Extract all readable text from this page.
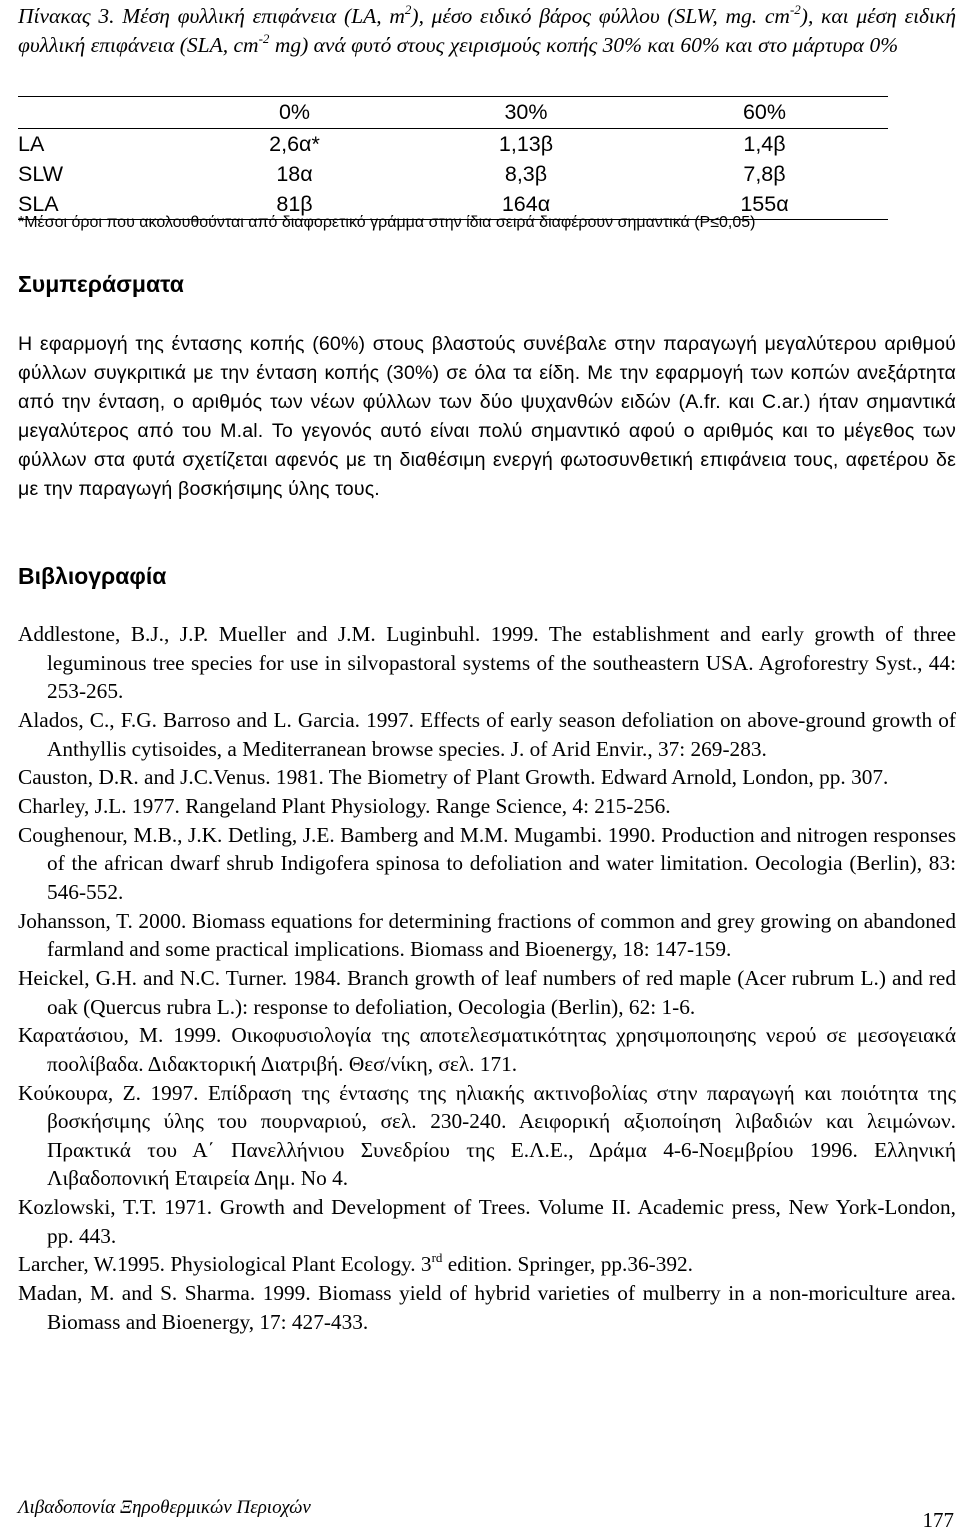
Πίνακας 3. Μέση φυλλική επιφάνεια (LA, $m^2$), μέσο ειδικό βάρος φύλλου (SLW, mg. $cm^{-2}$), και μέση ειδική φυλλική επιφάνεια (SLA, $cm^{-2}$ mg) ανά φυτό στους χειρισμούς κοπής 30% και 60% και στο μάρτυρα 0%
	0%	30%	60%
LA	2,6α*	1,13β	1,4β
SLW	18α	8,3β	7,8β
SLA	81β	164α	155α
*Μέσοι όροι που ακολουθούνται από διαφορετικό γράμμα στην ίδια σειρά διαφέρουν σημαντικά (P≤0,05)
Συμπεράσματα
Η εφαρμογή της έντασης κοπής (60%) στους βλαστούς συνέβαλε στην παραγωγή μεγαλύτερου αριθμού φύλλων συγκριτικά με την ένταση κοπής (30%) σε όλα τα είδη. Με την εφαρμογή των κοπών ανεξάρτητα από την ένταση, ο αριθμός των νέων φύλλων των δύο ψυχανθών ειδών (A.fr. και C.ar.) ήταν σημαντικά μεγαλύτερος από του M.al. Το γεγονός αυτό είναι πολύ σημαντικό αφού ο αριθμός και το μέγεθος των φύλλων στα φυτά σχετίζεται αφενός με τη διαθέσιμη ενεργή φωτοσυνθετική επιφάνεια τους, αφετέρου δε με την παραγωγή βοσκήσιμης ύλης τους.
Βιβλιογραφία
Addlestone, B.J., J.P. Mueller and J.M. Luginbuhl. 1999. The establishment and early growth of three leguminous tree species for use in silvopastoral systems of the southeastern USA. Agroforestry Syst., 44: 253-265.
Alados, C., F.G. Barroso and L. Garcia. 1997. Effects of early season defoliation on above-ground growth of Anthyllis cytisoides, a Mediterranean browse species. J. of Arid Envir., 37: 269-283.
Causton, D.R. and J.C.Venus. 1981. The Biometry of Plant Growth. Edward Arnold, London, pp. 307.
Charley, J.L. 1977. Rangeland Plant Physiology. Range Science, 4: 215-256.
Coughenour, M.B., J.K. Detling, J.E. Bamberg and M.M. Mugambi. 1990. Production and nitrogen responses of the african dwarf shrub Indigofera spinosa to defoliation and water limitation. Oecologia (Berlin), 83: 546-552.
Johansson, T. 2000. Biomass equations for determining fractions of common and grey growing on abandoned farmland and some practical implications. Biomass and Bioenergy, 18: 147-159.
Heickel, G.H. and N.C. Turner. 1984. Branch growth of leaf numbers of red maple (Acer rubrum L.) and red oak (Quercus rubra L.): response to defoliation, Oecologia (Berlin), 62: 1-6.
Καρατάσιου, Μ. 1999. Οικοφυσιολογία της αποτελεσματικότητας χρησιμοποιησης νερού σε μεσογειακά ποολίβαδα. Διδακτορική Διατριβή. Θεσ/νίκη, σελ. 171.
Κούκουρα, Ζ. 1997. Επίδραση της έντασης της ηλιακής ακτινοβολίας στην παραγωγή και ποιότητα της βοσκήσιμης ύλης του πουρναριού, σελ. 230-240. Αειφορική αξιοποίηση λιβαδιών και λειμώνων. Πρακτικά του Α΄ Πανελλήνιου Συνεδρίου της Ε.Λ.Ε., Δράμα 4-6-Νοεμβρίου 1996. Ελληνική Λιβαδοπονική Εταιρεία Δημ. Νο 4.
Kozlowski, T.T. 1971. Growth and Development of Trees. Volume II. Academic press, New York-London, pp. 443.
Larcher, W.1995. Physiological Plant Ecology. 3rd edition. Springer, pp.36-392.
Madan, M. and S. Sharma. 1999. Biomass yield of hybrid varieties of mulberry in a non-moriculture area. Biomass and Bioenergy, 17: 427-433.
Λιβαδοπονία Ξηροθερμικών Περιοχών
177
